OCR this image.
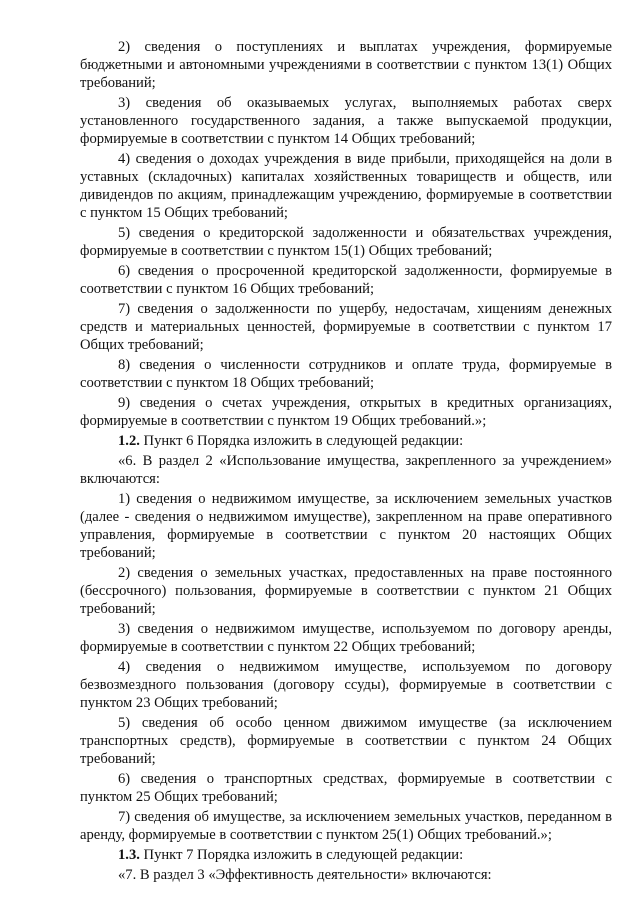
2) сведения о поступлениях и выплатах учреждения, формируемые бюджетными и автономными учреждениями в соответствии с пунктом 13(1) Общих требований;

3) сведения об оказываемых услугах, выполняемых работах сверх установленного государственного задания, а также выпускаемой продукции, формируемые в соответствии с пунктом 14 Общих требований;

4) сведения о доходах учреждения в виде прибыли, приходящейся на доли в уставных (складочных) капиталах хозяйственных товариществ и обществ, или дивидендов по акциям, принадлежащим учреждению, формируемые в соответствии с пунктом 15 Общих требований;

5) сведения о кредиторской задолженности и обязательствах учреждения, формируемые в соответствии с пунктом 15(1) Общих требований;

6) сведения о просроченной кредиторской задолженности, формируемые в соответствии с пунктом 16 Общих требований;

7) сведения о задолженности по ущербу, недостачам, хищениям денежных средств и материальных ценностей, формируемые в соответствии с пунктом 17 Общих требований;

8) сведения о численности сотрудников и оплате труда, формируемые в соответствии с пунктом 18 Общих требований;

9) сведения о счетах учреждения, открытых в кредитных организациях, формируемые в соответствии с пунктом 19 Общих требований.»;

1.2. Пункт 6 Порядка изложить в следующей редакции:

«6. В раздел 2 «Использование имущества, закрепленного за учреждением» включаются:

1) сведения о недвижимом имуществе, за исключением земельных участков (далее - сведения о недвижимом имуществе), закрепленном на праве оперативного управления, формируемые в соответствии с пунктом 20 настоящих Общих требований;

2) сведения о земельных участках, предоставленных на праве постоянного (бессрочного) пользования, формируемые в соответствии с пунктом 21 Общих требований;

3) сведения о недвижимом имуществе, используемом по договору аренды, формируемые в соответствии с пунктом 22 Общих требований;

4) сведения о недвижимом имуществе, используемом по договору безвозмездного пользования (договору ссуды), формируемые в соответствии с пунктом 23 Общих требований;

5) сведения об особо ценном движимом имуществе (за исключением транспортных средств), формируемые в соответствии с пунктом 24 Общих требований;

6) сведения о транспортных средствах, формируемые в соответствии с пунктом 25 Общих требований;

7) сведения об имуществе, за исключением земельных участков, переданном в аренду, формируемые в соответствии с пунктом 25(1) Общих требований.»;

1.3. Пункт 7 Порядка изложить в следующей редакции:

«7. В раздел 3 «Эффективность деятельности» включаются:
